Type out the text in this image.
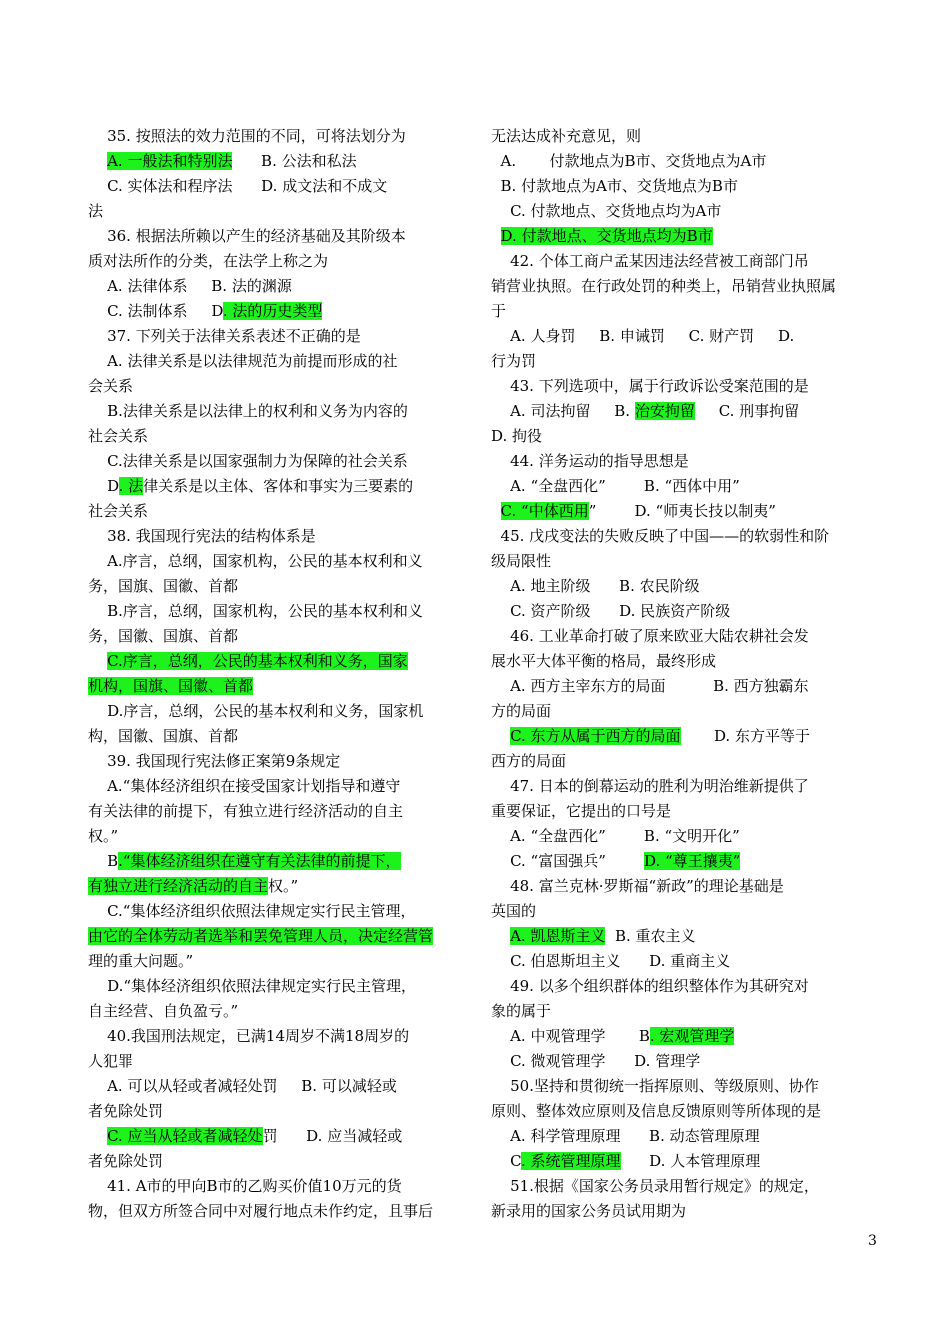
35. 按照法的效力范围的不同，可将法划分为
A. 一般法和特别法      B. 公法和私法
C. 实体法和程序法      D. 成文法和不成文
法
36. 根据法所赖以产生的经济基础及其阶级本
质对法所作的分类，在法学上称之为
A. 法律体系     B. 法的渊源
C. 法制体系     D. 法的历史类型
37. 下列关于法律关系表述不正确的是
A. 法律关系是以法律规范为前提而形成的社
会关系
B.法律关系是以法律上的权利和义务为内容的
社会关系
C.法律关系是以国家强制力为保障的社会关系
D. 法律关系是以主体、客体和事实为三要素的
社会关系
38. 我国现行宪法的结构体系是
A.序言，总纲，国家机构，公民的基本权利和义
务，国旗、国徽、首都
B.序言，总纲，国家机构，公民的基本权利和义
务，国徽、国旗、首都
C.序言，总纲，公民的基本权利和义务，国家
机构，国旗、国徽、首都
D.序言，总纲，公民的基本权利和义务，国家机
构，国徽、国旗、首都
39. 我国现行宪法修正案第9条规定
A.“集体经济组织在接受国家计划指导和遵守
有关法律的前提下，有独立进行经济活动的自主
权。”
B.“集体经济组织在遵守有关法律的前提下，
有独立进行经济活动的自主权。”
C.“集体经济组织依照法律规定实行民主管理，
由它的全体劳动者选举和罢免管理人员，决定经营管
理的重大问题。”
D.“集体经济组织依照法律规定实行民主管理，
自主经营、自负盈亏。”
40.我国刑法规定，已满14周岁不满18周岁的
人犯罪
A. 可以从轻或者减轻处罚     B. 可以减轻或
者免除处罚
C. 应当从轻或者减轻处罚      D. 应当减轻或
者免除处罚
41. A市的甲向B市的乙购买价值10万元的货
物，但双方所签合同中对履行地点未作约定，且事后
无法达成补充意见，则
A.       付款地点为B市、交货地点为A市
B. 付款地点为A市、交货地点为B市
C. 付款地点、交货地点均为A市
D. 付款地点、交货地点均为B市
42. 个体工商户孟某因违法经营被工商部门吊
销营业执照。在行政处罚的种类上，吊销营业执照属
于
A. 人身罚     B. 申诫罚     C. 财产罚     D.
行为罚
43. 下列选项中，属于行政诉讼受案范围的是
A. 司法拘留     B. 治安拘留     C. 刑事拘留
D. 拘役
44. 洋务运动的指导思想是
A. “全盘西化”        B. “西体中用”
C. “中体西用”        D. “师夷长技以制夷”
45. 戊戌变法的失败反映了中国——的软弱性和阶
级局限性
A. 地主阶级      B. 农民阶级
C. 资产阶级      D. 民族资产阶级
46. 工业革命打破了原来欧亚大陆农耕社会发
展水平大体平衡的格局，最终形成
A. 西方主宰东方的局面          B. 西方独霸东
方的局面
C. 东方从属于西方的局面       D. 东方平等于
西方的局面
47. 日本的倒幕运动的胜利为明治维新提供了
重要保证，它提出的口号是
A. “全盘西化”        B. “文明开化”
C. “富国强兵”        D. “尊王攘夷”
48. 富兰克林·罗斯福“新政”的理论基础是
英国的
A. 凯恩斯主义  B. 重农主义
C. 伯恩斯坦主义      D. 重商主义
49. 以多个组织群体的组织整体作为其研究对
象的属于
A. 中观管理学       B. 宏观管理学
C. 微观管理学      D. 管理学
50.坚持和贯彻统一指挥原则、等级原则、协作
原则、整体效应原则及信息反馈原则等所体现的是
A. 科学管理原理      B. 动态管理原理
C. 系统管理原理      D. 人本管理原理
51.根据《国家公务员录用暂行规定》的规定，
新录用的国家公务员试用期为
3
